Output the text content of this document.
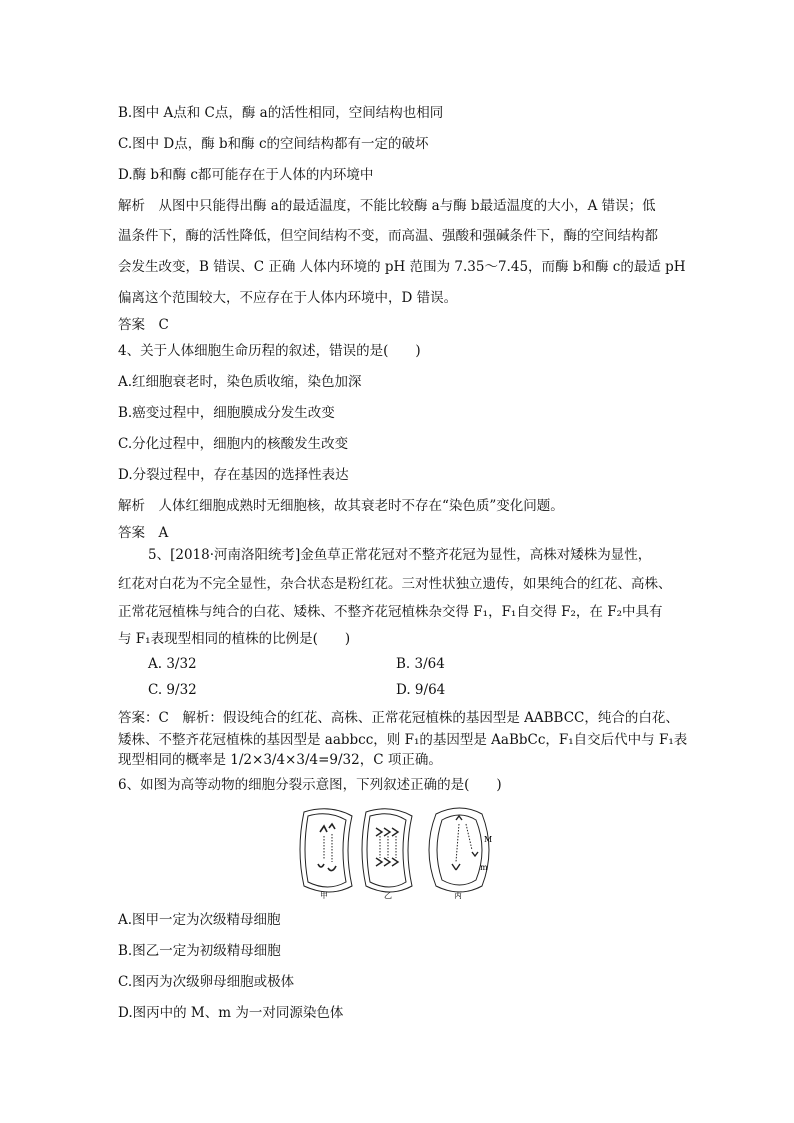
B.图中 A点和 C点，酶 a的活性相同，空间结构也相同
C.图中 D点，酶 b和酶 c的空间结构都有一定的破坏
D.酶 b和酶 c都可能存在于人体的内环境中
解析　从图中只能得出酶 a的最适温度，不能比较酶 a与酶 b最适温度的大小，A 错误；低
温条件下，酶的活性降低，但空间结构不变，而高温、强酸和强碱条件下，酶的空间结构都
会发生改变，B 错误、C 正确 人体内环境的 pH 范围为 7.35～7.45，而酶 b和酶 c的最适 pH
偏离这个范围较大，不应存在于人体内环境中，D 错误。
答案　C
4、关于人体细胞生命历程的叙述，错误的是(　　)
A.红细胞衰老时，染色质收缩，染色加深
B.癌变过程中，细胞膜成分发生改变
C.分化过程中，细胞内的核酸发生改变
D.分裂过程中，存在基因的选择性表达
解析　人体红细胞成熟时无细胞核，故其衰老时不存在“染色质”变化问题。
答案　A
5、[2018·河南洛阳统考]金鱼草正常花冠对不整齐花冠为显性，高株对矮株为显性，
红花对白花为不完全显性，杂合状态是粉红花。三对性状独立遗传，如果纯合的红花、高株、
正常花冠植株与纯合的白花、矮株、不整齐花冠植株杂交得 F₁，F₁自交得 F₂，在 F₂中具有
与 F₁表现型相同的植株的比例是(　　)
A. 3/32	B. 3/64
C. 9/32	D. 9/64
答案：C　解析：假设纯合的红花、高株、正常花冠植株的基因型是 AABBCC，纯合的白花、
矮株、不整齐花冠植株的基因型是 aabbcc，则 F₁的基因型是 AaBbCc，F₁自交后代中与 F₁表
现型相同的概率是 1/2×3/4×3/4=9/32，C 项正确。
6、如图为高等动物的细胞分裂示意图，下列叙述正确的是(　　)
甲	乙
M
m
丙
A.图甲一定为次级精母细胞
B.图乙一定为初级精母细胞
C.图丙为次级卵母细胞或极体
D.图丙中的 M、m 为一对同源染色体
